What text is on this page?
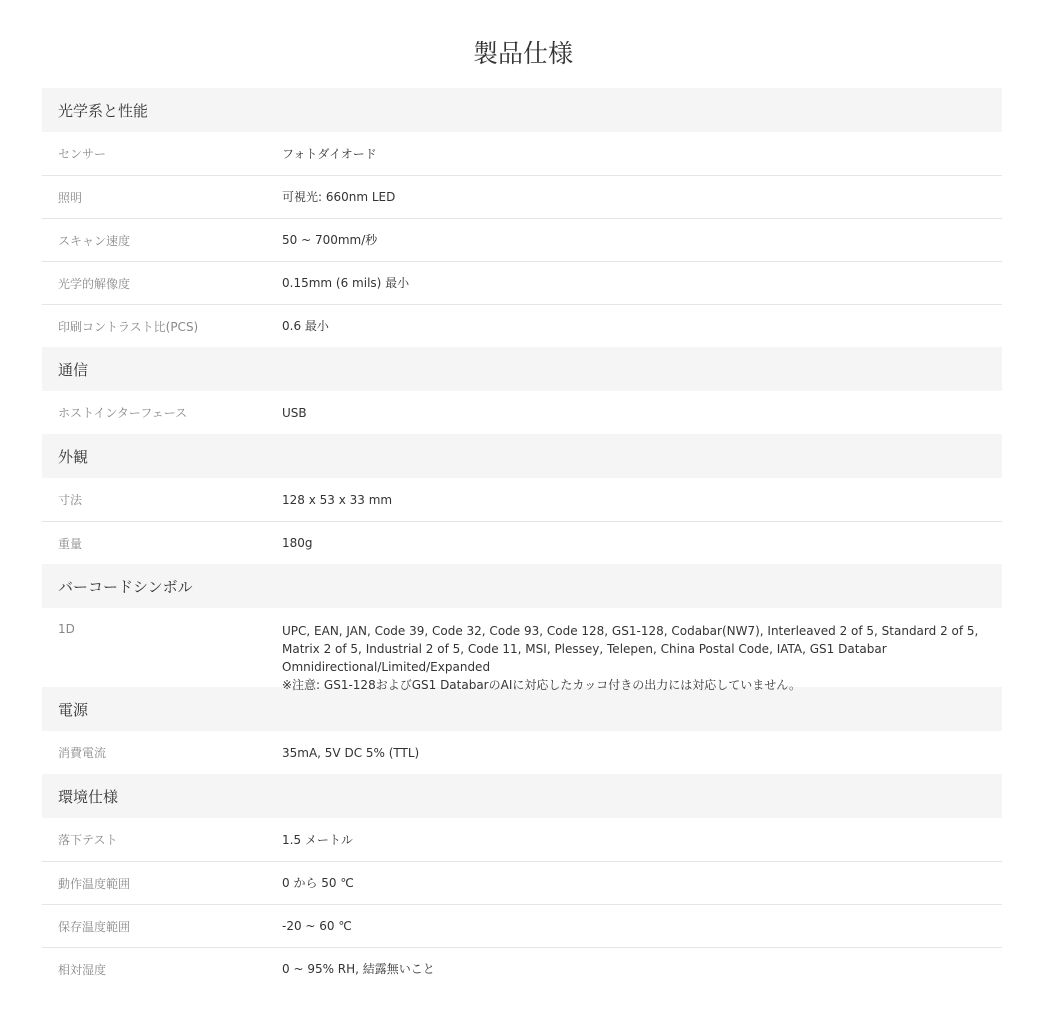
製品仕様
光学系と性能
センサー	フォトダイオード
照明	可視光: 660nm LED
スキャン速度	50 ~ 700mm/秒
光学的解像度	0.15mm (6 mils) 最小
印刷コントラスト比(PCS)	0.6 最小
通信
ホストインターフェース	USB
外観
寸法	128 x 53 x 33 mm
重量	180g
バーコードシンボル
1D	UPC, EAN, JAN, Code 39, Code 32, Code 93, Code 128, GS1-128, Codabar(NW7), Interleaved 2 of 5, Standard 2 of 5, Matrix 2 of 5, Industrial 2 of 5, Code 11, MSI, Plessey, Telepen, China Postal Code, IATA, GS1 Databar Omnidirectional/Limited/Expanded
※注意: GS1-128およびGS1 DatabarのAIに対応したカッコ付きの出力には対応していません。
電源
消費電流	35mA, 5V DC 5% (TTL)
環境仕様
落下テスト	1.5 メートル
動作温度範囲	0 から 50 ℃
保存温度範囲	-20 ~ 60 ℃
相対湿度	0 ~ 95% RH, 結露無いこと
